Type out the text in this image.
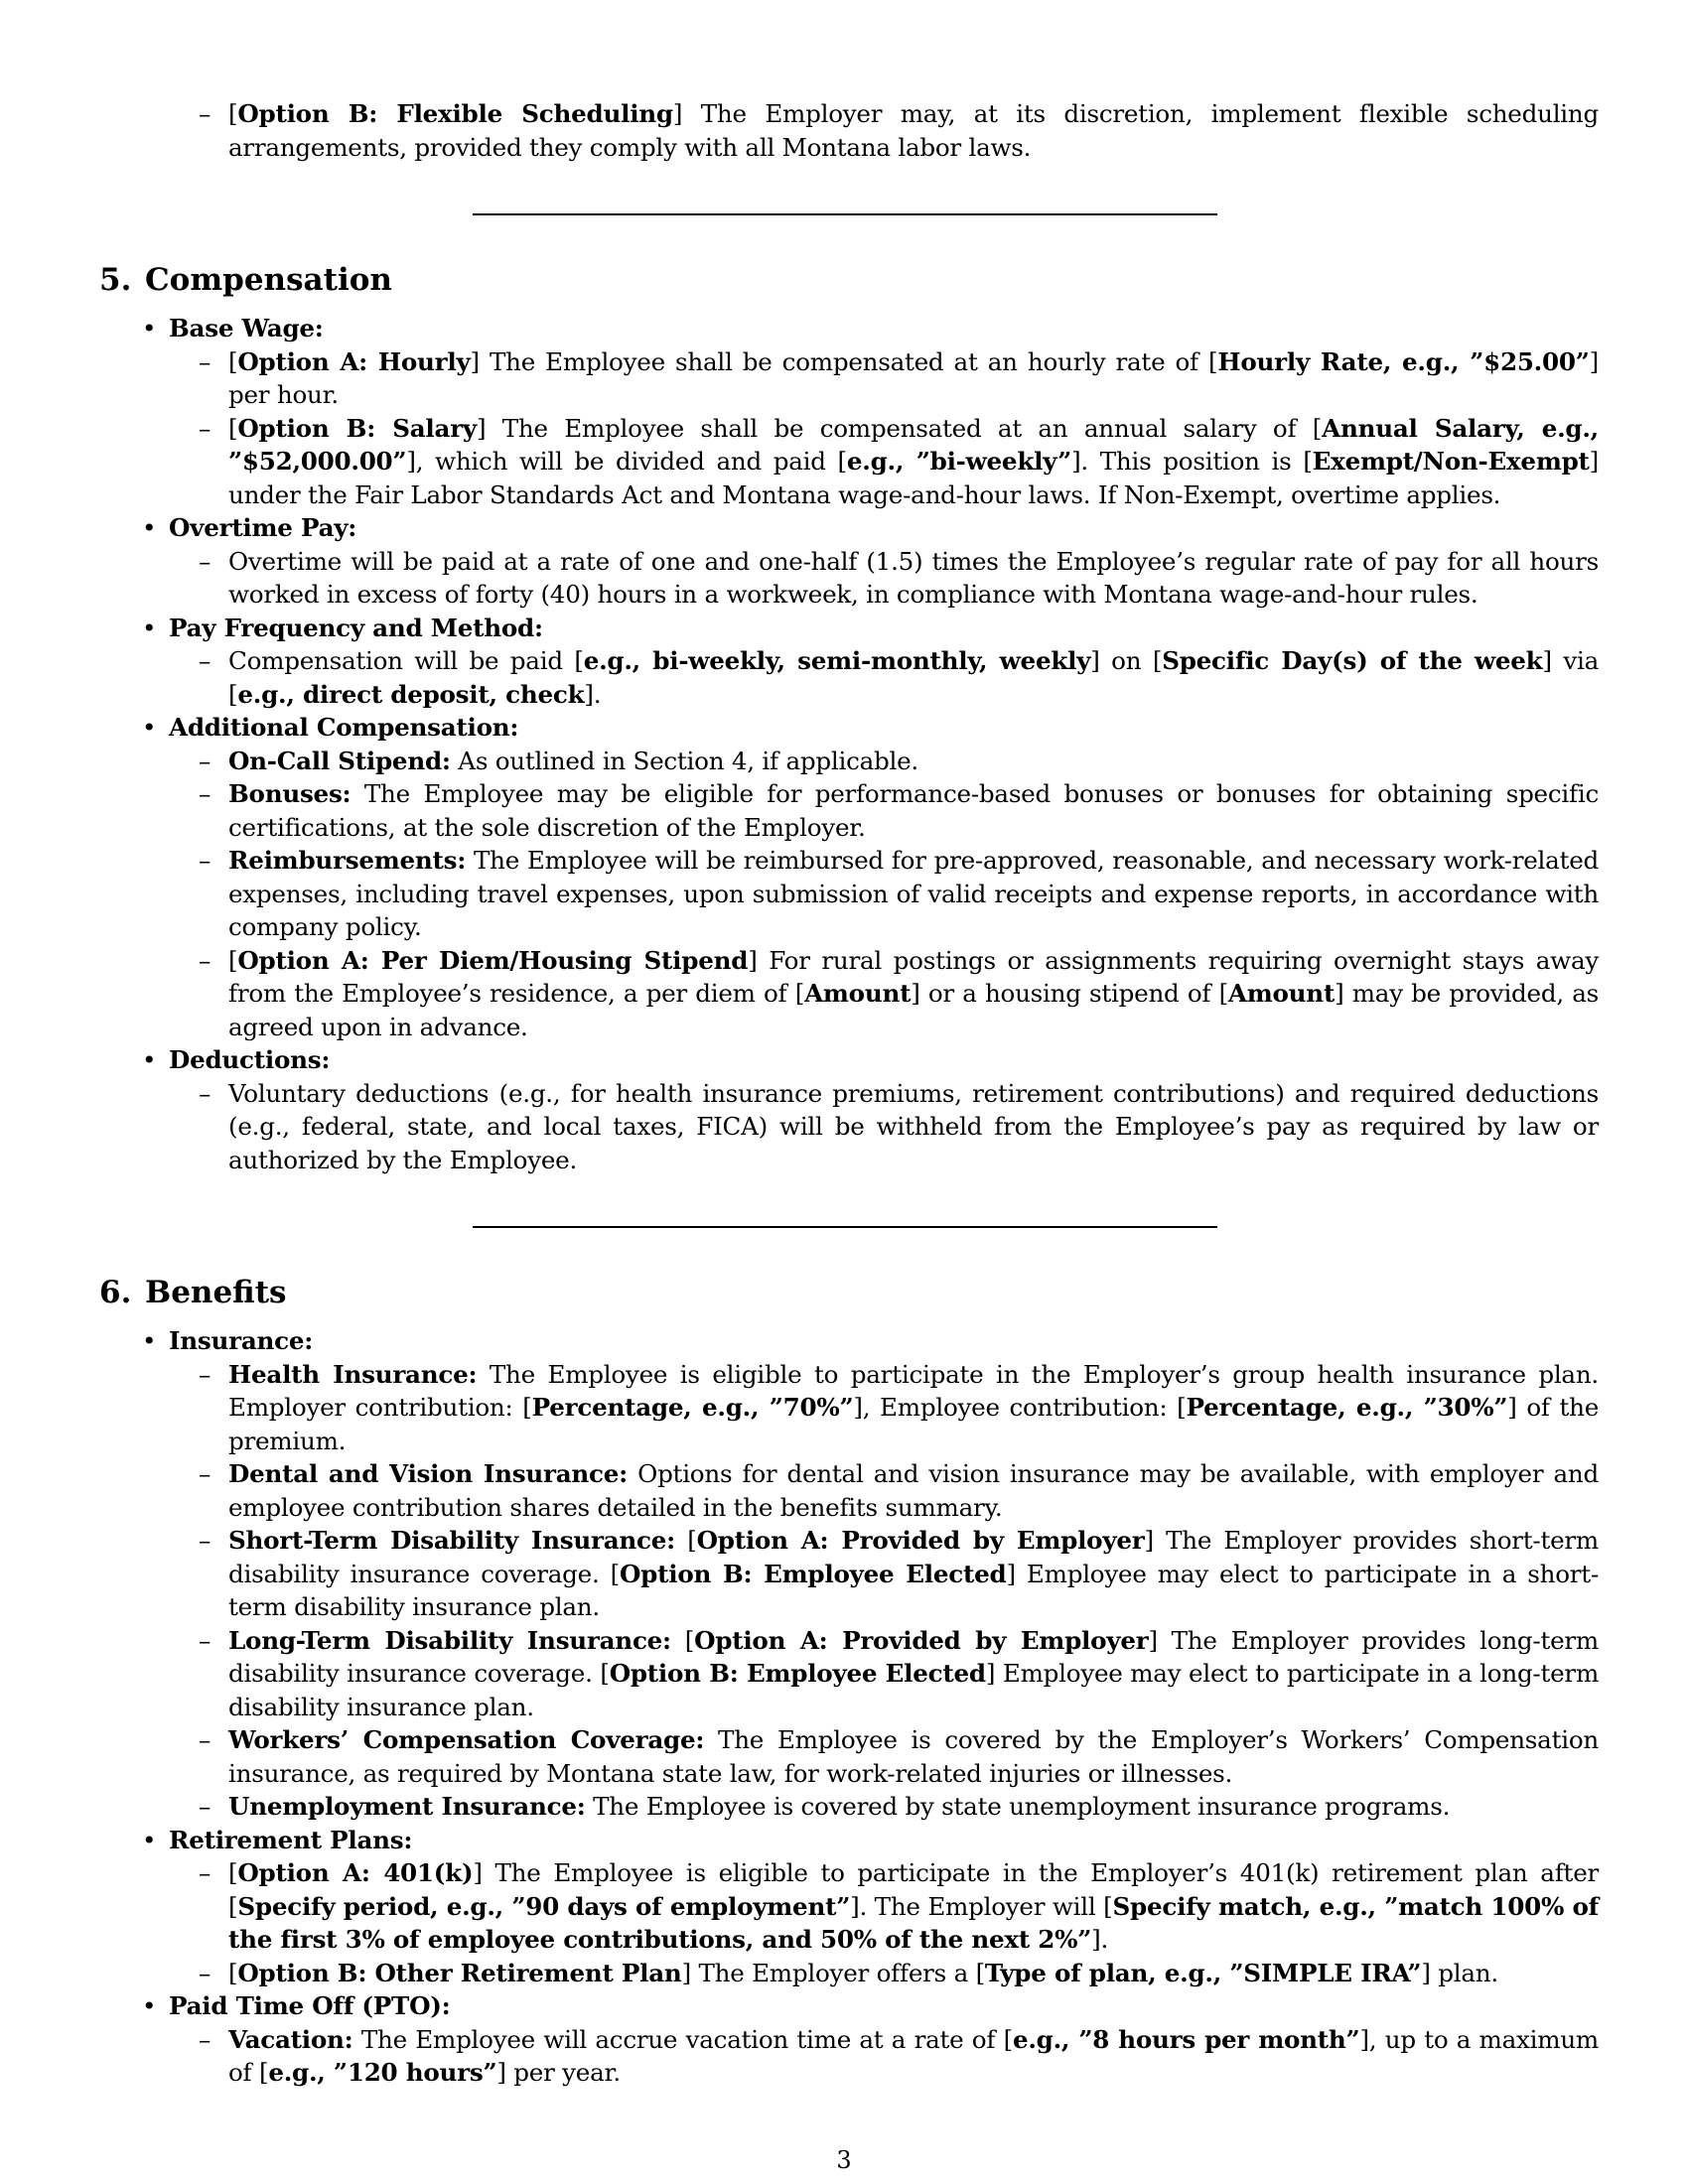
– [Option B: Flexible Scheduling] The Employer may, at its discretion, implement flexible scheduling arrangements, provided they comply with all Montana labor laws.
5. Compensation
• Base Wage:
– [Option A: Hourly] The Employee shall be compensated at an hourly rate of [Hourly Rate, e.g., ”$25.00”] per hour.
– [Option B: Salary] The Employee shall be compensated at an annual salary of [Annual Salary, e.g., ”$52,000.00”], which will be divided and paid [e.g., ”bi-weekly”]. This position is [Exempt/Non-Exempt] under the Fair Labor Standards Act and Montana wage-and-hour laws. If Non-Exempt, overtime applies.
• Overtime Pay:
– Overtime will be paid at a rate of one and one-half (1.5) times the Employee’s regular rate of pay for all hours worked in excess of forty (40) hours in a workweek, in compliance with Montana wage-and-hour rules.
• Pay Frequency and Method:
– Compensation will be paid [e.g., bi-weekly, semi-monthly, weekly] on [Specific Day(s) of the week] via [e.g., direct deposit, check].
• Additional Compensation:
– On-Call Stipend: As outlined in Section 4, if applicable.
– Bonuses: The Employee may be eligible for performance-based bonuses or bonuses for obtaining specific certifications, at the sole discretion of the Employer.
– Reimbursements: The Employee will be reimbursed for pre-approved, reasonable, and necessary work-related expenses, including travel expenses, upon submission of valid receipts and expense reports, in accordance with company policy.
– [Option A: Per Diem/Housing Stipend] For rural postings or assignments requiring overnight stays away from the Employee’s residence, a per diem of [Amount] or a housing stipend of [Amount] may be provided, as agreed upon in advance.
• Deductions:
– Voluntary deductions (e.g., for health insurance premiums, retirement contributions) and required deductions (e.g., federal, state, and local taxes, FICA) will be withheld from the Employee’s pay as required by law or authorized by the Employee.
6. Benefits
• Insurance:
– Health Insurance: The Employee is eligible to participate in the Employer’s group health insurance plan. Employer contribution: [Percentage, e.g., ”70%”], Employee contribution: [Percentage, e.g., ”30%”] of the premium.
– Dental and Vision Insurance: Options for dental and vision insurance may be available, with employer and employee contribution shares detailed in the benefits summary.
– Short-Term Disability Insurance: [Option A: Provided by Employer] The Employer provides short-term disability insurance coverage. [Option B: Employee Elected] Employee may elect to participate in a short-term disability insurance plan.
– Long-Term Disability Insurance: [Option A: Provided by Employer] The Employer provides long-term disability insurance coverage. [Option B: Employee Elected] Employee may elect to participate in a long-term disability insurance plan.
– Workers’ Compensation Coverage: The Employee is covered by the Employer’s Workers’ Compensation insurance, as required by Montana state law, for work-related injuries or illnesses.
– Unemployment Insurance: The Employee is covered by state unemployment insurance programs.
• Retirement Plans:
– [Option A: 401(k)] The Employee is eligible to participate in the Employer’s 401(k) retirement plan after [Specify period, e.g., ”90 days of employment”]. The Employer will [Specify match, e.g., ”match 100% of the first 3% of employee contributions, and 50% of the next 2%”].
– [Option B: Other Retirement Plan] The Employer offers a [Type of plan, e.g., ”SIMPLE IRA”] plan.
• Paid Time Off (PTO):
– Vacation: The Employee will accrue vacation time at a rate of [e.g., ”8 hours per month”], up to a maximum of [e.g., ”120 hours”] per year.
3
